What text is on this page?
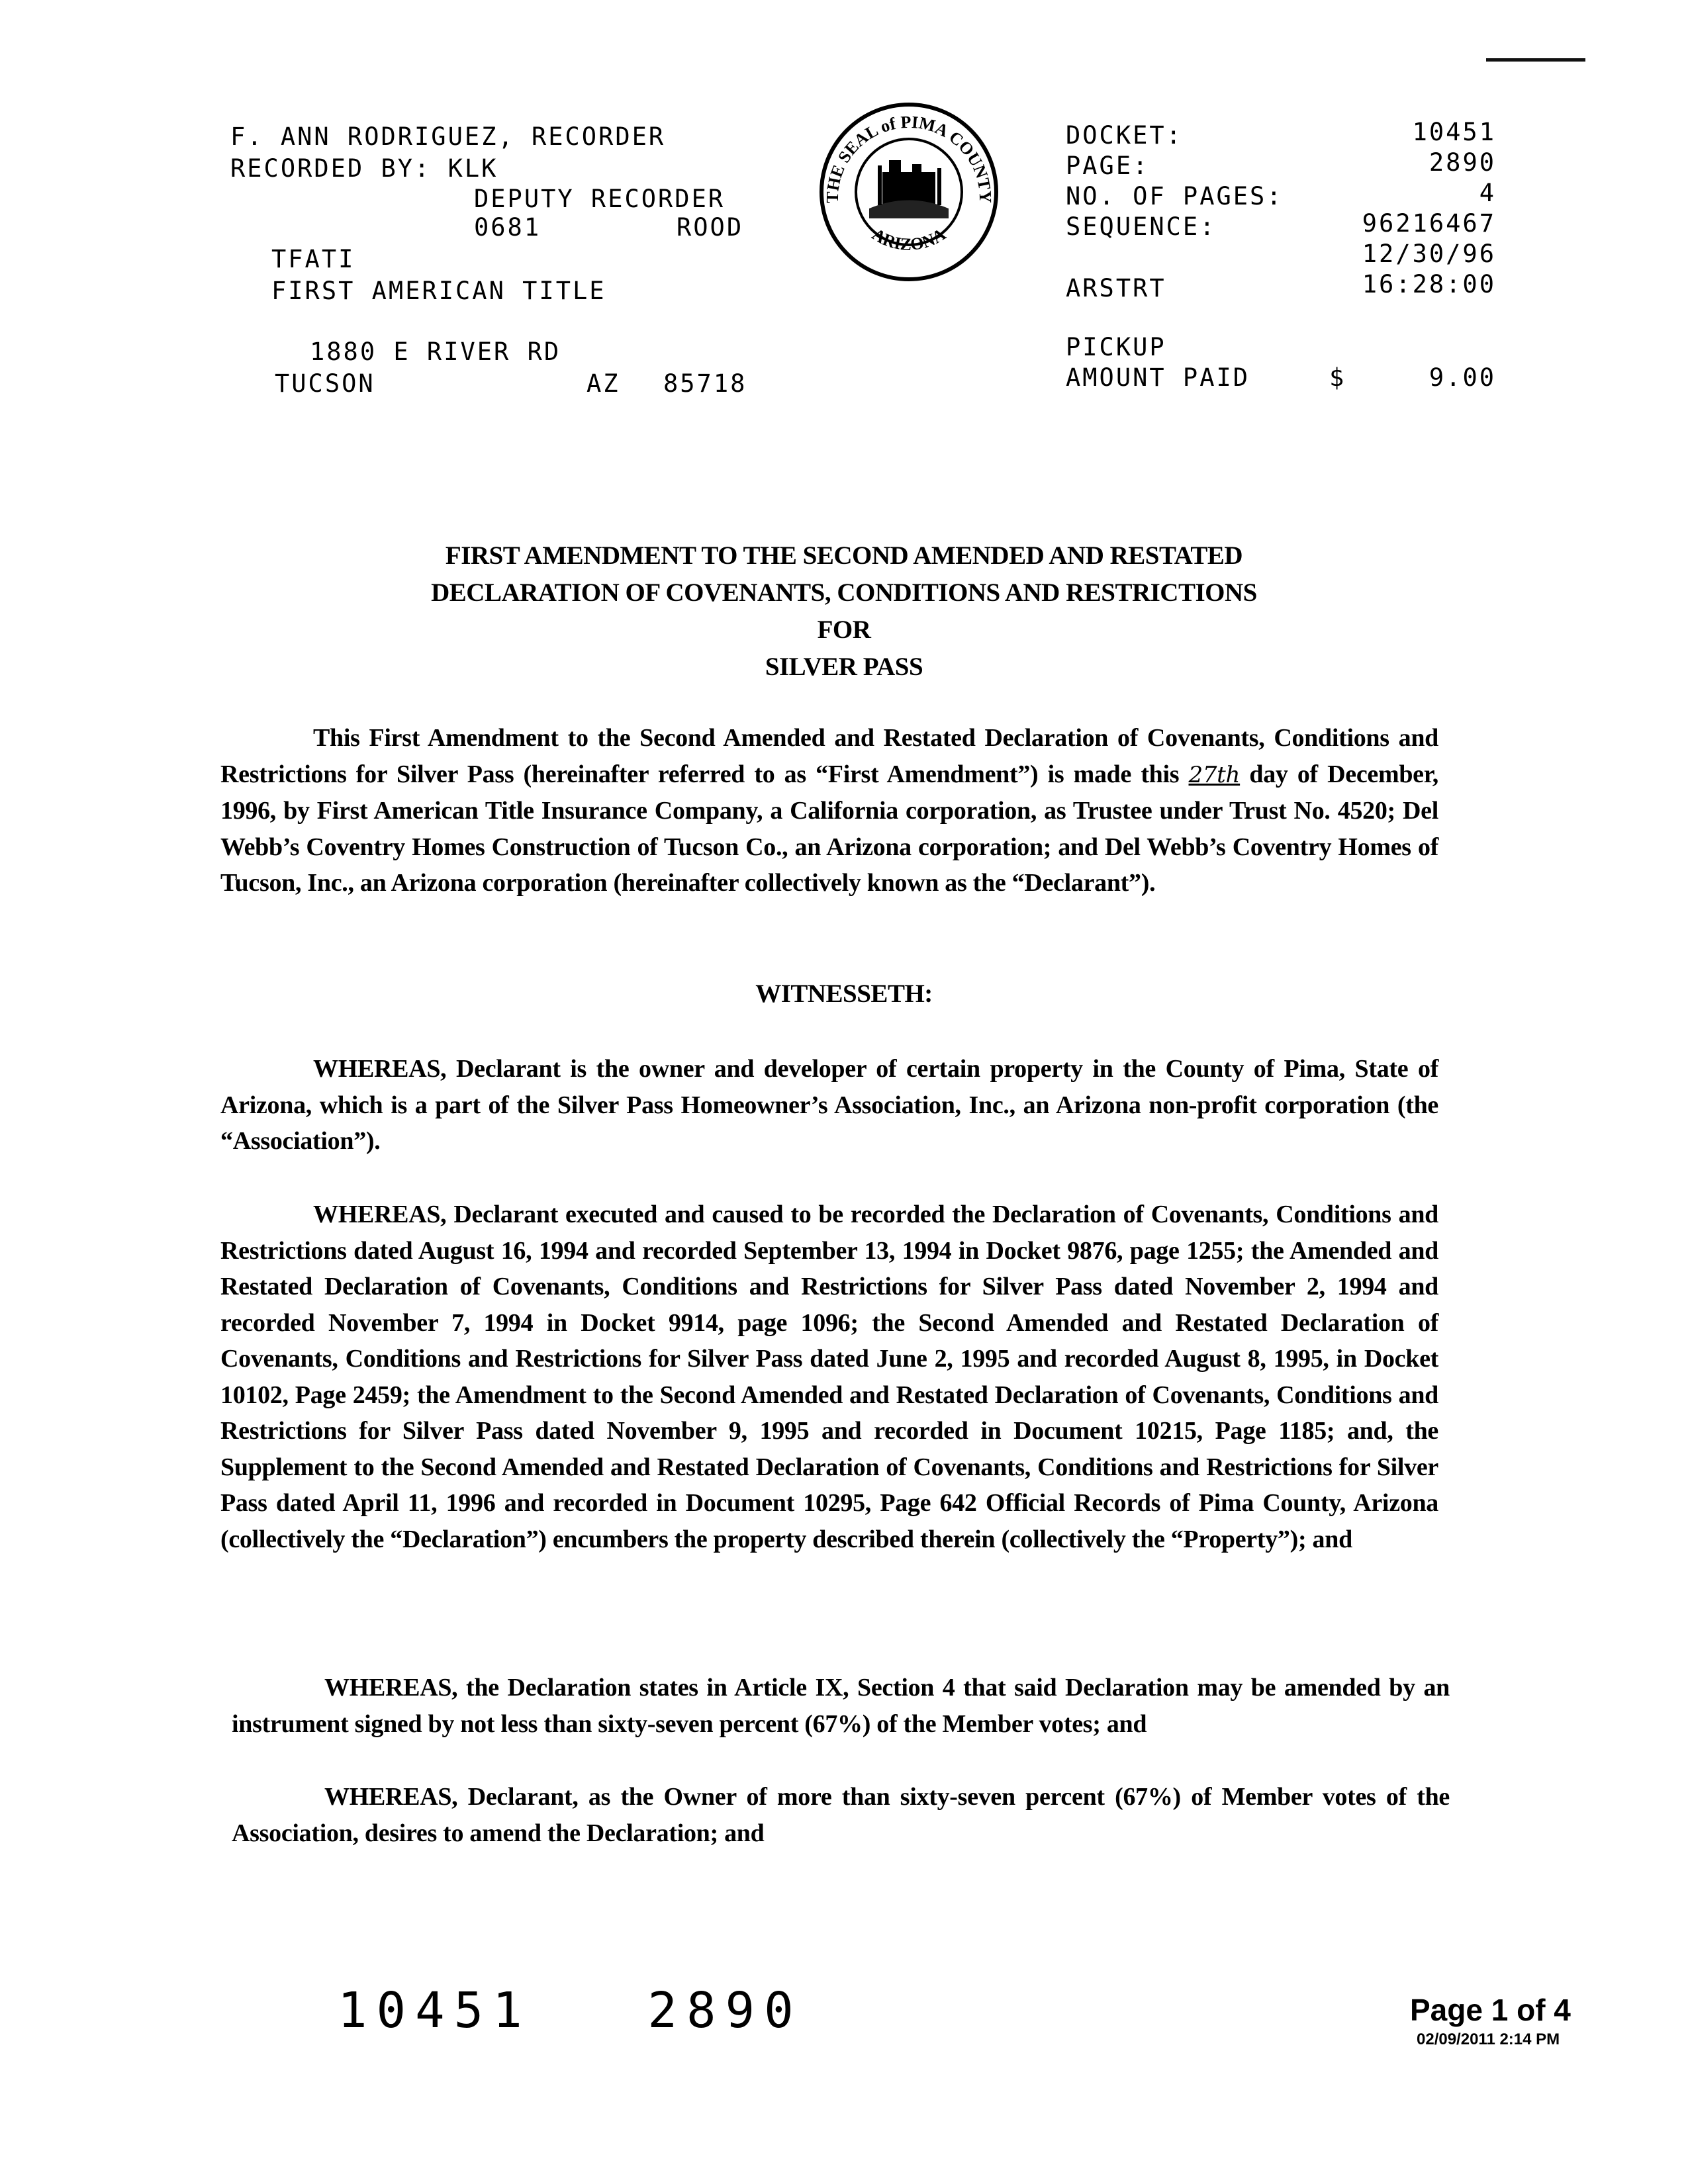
F. ANN RODRIGUEZ, RECORDER
RECORDED BY: KLK
DEPUTY RECORDER
0681	ROOD
TFATI
FIRST AMERICAN TITLE
1880 E RIVER RD
TUCSON	AZ 85718
THE SEAL of PIMA COUNTY
ARIZONA
DOCKET:	10451
PAGE:	2890
NO. OF PAGES:	4
SEQUENCE:	96216467
12/30/96
ARSTRT	16:28:00
PICKUP
AMOUNT PAID	$	9.00
FIRST AMENDMENT TO THE SECOND AMENDED AND RESTATED
DECLARATION OF COVENANTS, CONDITIONS AND RESTRICTIONS
FOR
SILVER PASS
This First Amendment to the Second Amended and Restated Declaration of Covenants, Conditions and Restrictions for Silver Pass (hereinafter referred to as “First Amendment”) is made this 27th day of December, 1996, by First American Title Insurance Company, a California corporation, as Trustee under Trust No. 4520; Del Webb’s Coventry Homes Construction of Tucson Co., an Arizona corporation; and Del Webb’s Coventry Homes of Tucson, Inc., an Arizona corporation (hereinafter collectively known as the “Declarant”).
WITNESSETH:
WHEREAS, Declarant is the owner and developer of certain property in the County of Pima, State of Arizona, which is a part of the Silver Pass Homeowner’s Association, Inc., an Arizona non-profit corporation (the “Association”).
WHEREAS, Declarant executed and caused to be recorded the Declaration of Covenants, Conditions and Restrictions dated August 16, 1994 and recorded September 13, 1994 in Docket 9876, page 1255; the Amended and Restated Declaration of Covenants, Conditions and Restrictions for Silver Pass dated November 2, 1994 and recorded November 7, 1994 in Docket 9914, page 1096; the Second Amended and Restated Declaration of Covenants, Conditions and Restrictions for Silver Pass dated June 2, 1995 and recorded August 8, 1995, in Docket 10102, Page 2459; the Amendment to the Second Amended and Restated Declaration of Covenants, Conditions and Restrictions for Silver Pass dated November 9, 1995 and recorded in Document 10215, Page 1185; and, the Supplement to the Second Amended and Restated Declaration of Covenants, Conditions and Restrictions for Silver Pass dated April 11, 1996 and recorded in Document 10295, Page 642 Official Records of Pima County, Arizona (collectively the “Declaration”) encumbers the property described therein (collectively the “Property”); and
WHEREAS, the Declaration states in Article IX, Section 4 that said Declaration may be amended by an instrument signed by not less than sixty-seven percent (67%) of the Member votes; and
WHEREAS, Declarant, as the Owner of more than sixty-seven percent (67%) of Member votes of the Association, desires to amend the Declaration; and
10451 2890	Page 1 of 4
02/09/2011 2:14 PM
